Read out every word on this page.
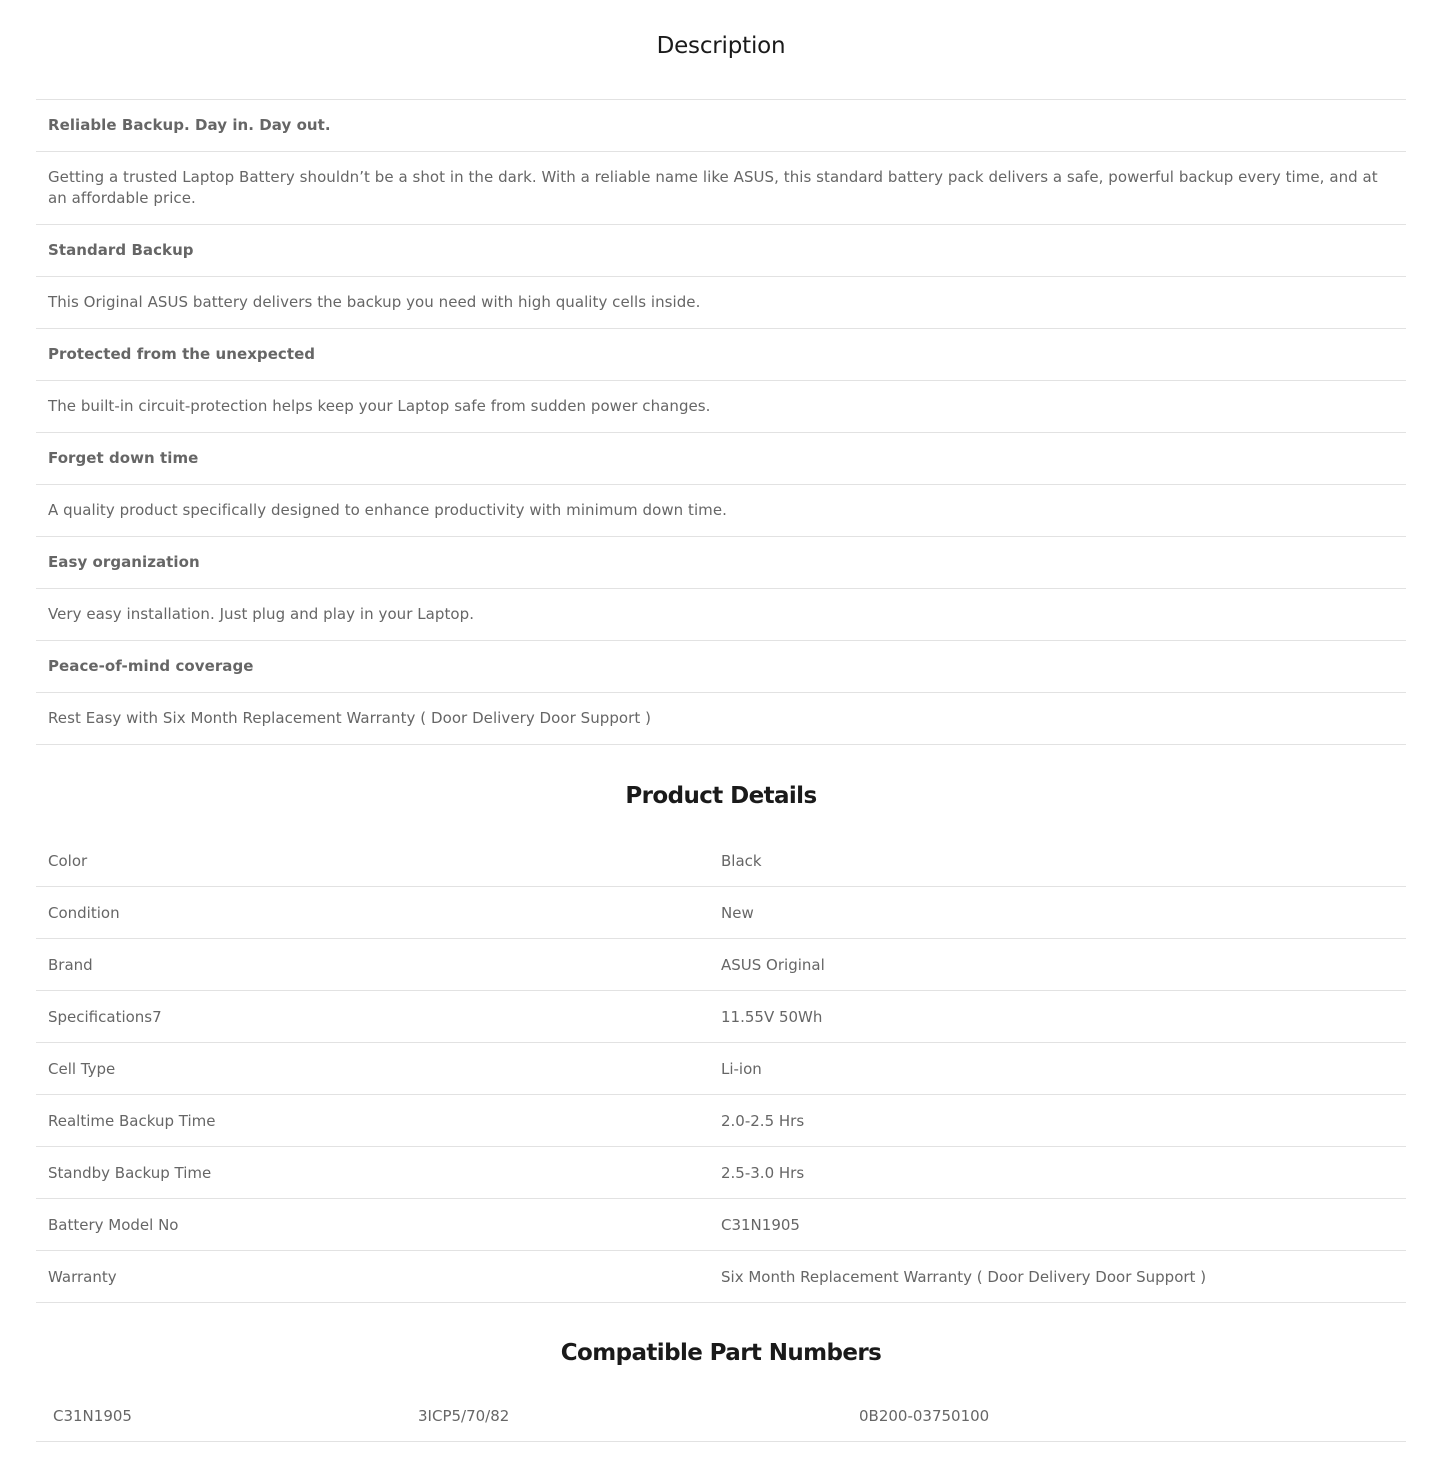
Description
Reliable Backup. Day in. Day out.
Getting a trusted Laptop Battery shouldn’t be a shot in the dark. With a reliable name like ASUS, this standard battery pack delivers a safe, powerful backup every time, and at an affordable price.
Standard Backup
This Original ASUS battery delivers the backup you need with high quality cells inside.
Protected from the unexpected
The built-in circuit-protection helps keep your Laptop safe from sudden power changes.
Forget down time
A quality product specifically designed to enhance productivity with minimum down time.
Easy organization
Very easy installation. Just plug and play in your Laptop.
Peace-of-mind coverage
Rest Easy with Six Month Replacement Warranty ( Door Delivery Door Support )
Product Details
Color	Black
Condition	New
Brand	ASUS Original
Specifications7	11.55V 50Wh
Cell Type	Li-ion
Realtime Backup Time	2.0-2.5 Hrs
Standby Backup Time	2.5-3.0 Hrs
Battery Model No	C31N1905
Warranty	Six Month Replacement Warranty ( Door Delivery Door Support )
Compatible Part Numbers
C31N1905	3ICP5/70/82	0B200-03750100
